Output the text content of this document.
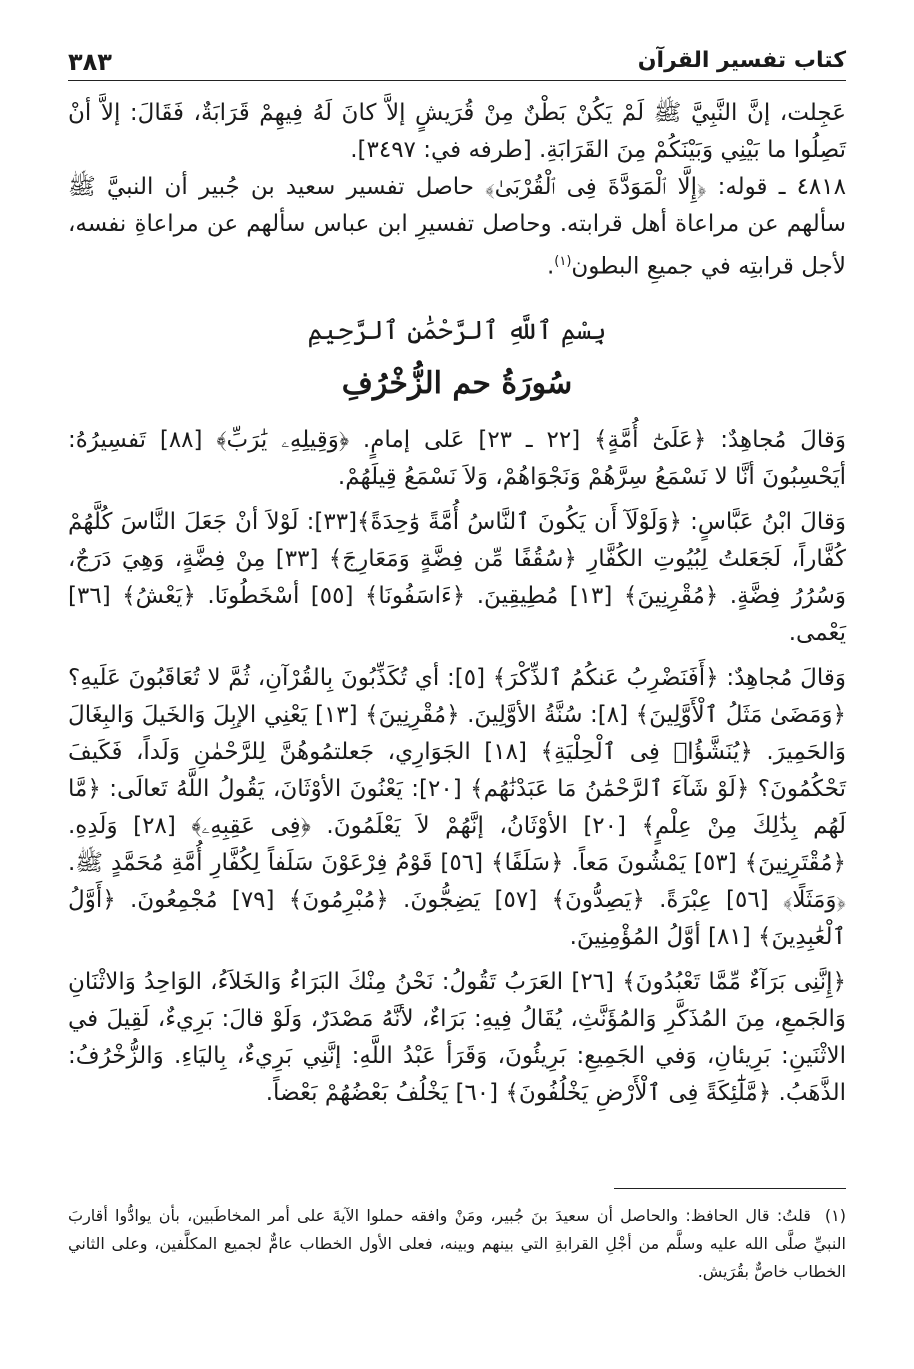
كتاب تفسير القرآن
٣٨٣

عَجِلت، إنَّ النَّبِيَّ ﷺ لَمْ يَكُنْ بَطْنٌ مِنْ قُرَيشٍ إلاَّ كانَ لَهُ فِيهِمْ قَرَابَةٌ، فَقَالَ: إلاَّ أنْ تَصِلُوا ما بَيْنِي وَبَيْنَكُمْ مِنَ القَرَابَةِ. [طرفه في: ٣٤٩٧].

٤٨١٨ ـ قوله: ﴿إِلَّا ٱلْمَوَدَّةَ فِى ٱلْقُرْبَىٰ﴾ حاصل تفسير سعيد بن جُبير أن النبيَّ ﷺ سألهم عن مراعاة أهل قرابته. وحاصل تفسيرِ ابن عباس سألهم عن مراعاةِ نفسه، لأجل قرابتِه في جميعِ البطون$^{(١)}$.

بِسْمِ ٱللَّهِ ٱلرَّحْمَٰنِ ٱلرَّحِيمِ
سُورَةُ حم الزُّخْرُفِ

وَقالَ مُجاهِدٌ: ﴿عَلَىٰٓ أُمَّةٍ﴾ [٢٢ ـ ٢٣] عَلى إمامٍ. ﴿وَقِيلِهِۦ يَٰرَبِّ﴾ [٨٨] تَفسِيرُهُ: أيَحْسِبُونَ أنَّا لا نَسْمَعُ سِرَّهُمْ وَنَجْوَاهُمْ، وَلاَ نَسْمَعُ قِيلَهُمْ.

وَقالَ ابْنُ عَبَّاسٍ: ﴿وَلَوْلَآ أَن يَكُونَ ٱلنَّاسُ أُمَّةً وَٰحِدَةً﴾[٣٣]: لَوْلاَ أنْ جَعَلَ النَّاسَ كُلَّهُمْ كُفَّاراً، لَجَعَلتُ لِبُيُوتِ الكُفَّارِ ﴿سُقُفًا مِّن فِضَّةٍ وَمَعَارِجَ﴾ [٣٣] مِنْ فِضَّةٍ، وَهِيَ دَرَجٌ، وَسُرُرُ فِضَّةٍ. ﴿مُقْرِنِينَ﴾ [١٣] مُطِيقِينَ. ﴿ءَاسَفُونَا﴾ [٥٥] أسْخَطُونَا. ﴿يَعْشُ﴾ [٣٦] يَعْمى.

وَقالَ مُجاهِدٌ: ﴿أَفَنَضْرِبُ عَنكُمُ ٱلذِّكْرَ﴾ [٥]: أي تُكَذِّبُونَ بِالقُرْآنِ، ثُمَّ لا تُعَاقَبُونَ عَلَيهِ؟ ﴿وَمَضَىٰ مَثَلُ ٱلْأَوَّلِينَ﴾ [٨]: سُنَّةُ الأوَّلِينَ. ﴿مُقْرِنِينَ﴾ [١٣] يَعْنِي الإبِلَ وَالخَيلَ وَالبِغَالَ وَالحَمِيرَ. ﴿يُنَشَّؤُا۟ فِى ٱلْحِلْيَةِ﴾ [١٨] الجَوَارِي، جَعلتمُوهُنَّ لِلرَّحْمٰنِ وَلَداً، فَكَيفَ تَحْكُمُونَ؟ ﴿لَوْ شَآءَ ٱلرَّحْمَٰنُ مَا عَبَدْنَٰهُم﴾ [٢٠]: يَعْنُونَ الأوْثَانَ، يَقُولُ اللَّهُ تَعالَى: ﴿مَّا لَهُم بِذَٰلِكَ مِنْ عِلْمٍ﴾ [٢٠] الأوْثَانُ، إنَّهُمْ لاَ يَعْلَمُونَ. ﴿فِى عَقِبِهِۦ﴾ [٢٨] وَلَدِهِ. ﴿مُقْتَرِنِينَ﴾ [٥٣] يَمْشُونَ مَعاً. ﴿سَلَفًا﴾ [٥٦] قَوْمُ فِرْعَوْنَ سَلَفاً لِكُفَّارِ أُمَّةِ مُحَمَّدٍ ﷺ. ﴿وَمَثَلًا﴾ [٥٦] عِبْرَةً. ﴿يَصِدُّونَ﴾ [٥٧] يَضِجُّونَ. ﴿مُبْرِمُونَ﴾ [٧٩] مُجْمِعُونَ. ﴿أَوَّلُ ٱلْعَٰبِدِينَ﴾ [٨١] أوَّلُ المُؤْمِنِينَ.

﴿إِنَّنِى بَرَآءٌ مِّمَّا تَعْبُدُونَ﴾ [٢٦] العَرَبُ تَقُولُ: نَحْنُ مِنْكَ البَرَاءُ وَالخَلاَءُ، الوَاحِدُ وَالاثْنَانِ وَالجَمعِ، مِنَ المُذَكَّرِ وَالمُؤَنَّثِ، يُقَالُ فِيهِ: بَرَاءٌ، لأنَّهُ مَصْدَرٌ، وَلَوْ قالَ: بَرِيءٌ، لَقِيلَ في الاثْنَينِ: بَرِيئانِ، وَفي الجَمِيعِ: بَرِيئُونَ، وَقَرَأ عَبْدُ اللَّهِ: إنَّنِي بَرِيءٌ، بِاليَاءِ. وَالزُّخْرُفُ: الذَّهَبُ. ﴿مَّلَٰٓئِكَةً فِى ٱلْأَرْضِ يَخْلُفُونَ﴾ [٦٠] يَخْلُفُ بَعْضُهُمْ بَعْضاً.

(١)قلتُ: قال الحافظ: والحاصل أن سعيدَ بنَ جُبير، ومَنْ وافقه حملوا الآيةَ على أمر المخاطَبين، بأن يوادُّوا أقاربَ النبيِّ صلَّى الله عليه وسلَّم من أجْلِ القرابةِ التي بينهم وبينه، فعلى الأول الخطاب عامٌّ لجميع المكلَّفين، وعلى الثاني الخطاب خاصٌّ بقُرَيش.
